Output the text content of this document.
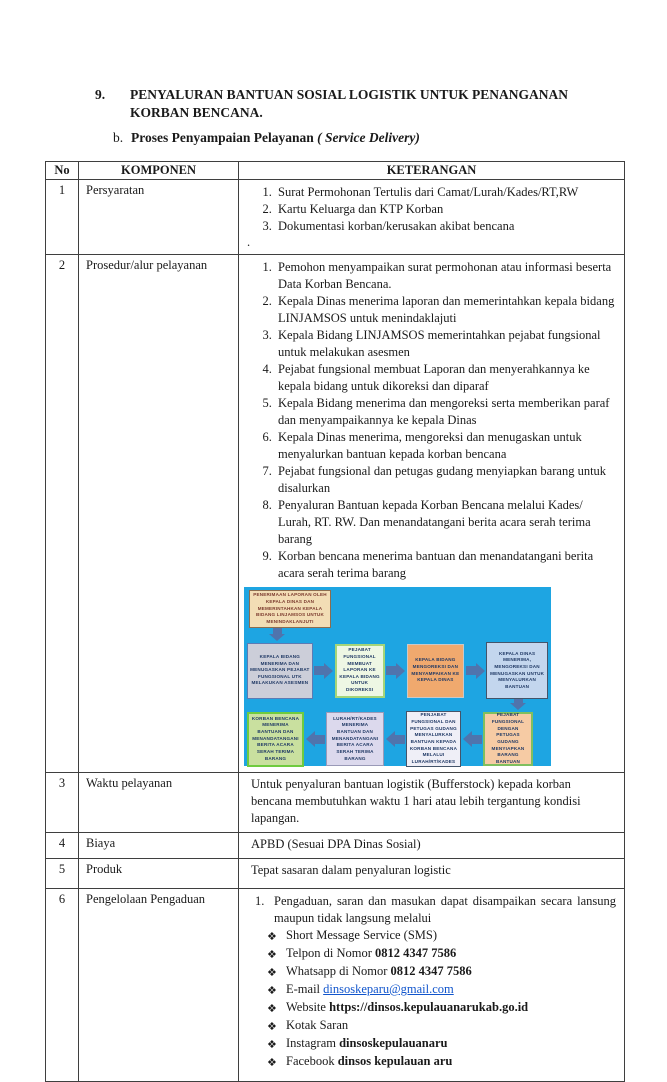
9.	PENYALURAN BANTUAN SOSIAL LOGISTIK UNTUK PENANGANAN
KORBAN BENCANA.
b. Proses Penyampaian Pelayanan ( Service Delivery)
No	KOMPONEN	KETERANGAN
1	Persyaratan	
1.Surat Permohonan Tertulis dari Camat/Lurah/Kades/RT,RW
2. Kartu Keluarga dan KTP Korban
3. Dokumentasi korban/kerusakan akibat bencana
.

2	Prosedur/alur pelayanan	
1.Pemohon menyampaikan surat permohonan atau informasi beserta Data Korban Bencana.
2. Kepala Dinas menerima laporan dan memerintahkan kepala bidang LINJAMSOS untuk menindaklajuti
3. Kepala Bidang LINJAMSOS memerintahkan pejabat fungsional untuk melakukan asesmen
4. Pejabat fungsional membuat Laporan dan menyerahkannya ke kepala bidang untuk dikoreksi dan diparaf
5. Kepala Bidang menerima dan mengoreksi serta memberikan paraf dan menyampaikannya ke kepala Dinas
6. Kepala Dinas menerima, mengoreksi dan menugaskan untuk menyalurkan bantuan kepada korban bencana
7. Pejabat fungsional dan petugas gudang menyiapkan barang untuk disalurkan
8. Penyaluran Bantuan kepada Korban Bencana melalui Kades/ Lurah, RT. RW. Dan menandatangani berita acara serah terima barang
9. Korban bencana menerima bantuan dan menandatangani berita acara serah terima barang
PENERIMAAN LAPORAN OLEH KEPALA DINAS DAN MEMERINTAHKAN KEPALA BIDANG LINJAMSOS UNTUK MENINDAKLANJUTI
KEPALA BIDANG MENERIMA DAN MENUGASKAN PEJABAT FUNGSIONAL UTK MELAKUKAN ASESMEN
PEJABAT FUNGSIONAL MEMBUAT LAPORAN KE KEPALA BIDANG UNTUK DIKOREKSI
KEPALA BIDANG MENGOREKSI DAN MENYAMPAIKAN KE KEPALA DINAS
KEPALA DINAS MENERIMA, MENGOREKSI DAN MENUGASKAN UNTUK MENYALURKAN BANTUAN
KORBAN BENCANA MENERIMA BANTUAN DAN MENANDATANGANI BERITA ACARA SERAH TERIMA BARANG
LURAH/RT/KADES MENERIMA BANTUAN DAN MENANDATANGANI BERITA ACARA SERAH TERIMA BARANG
PENJABAT FUNGSIONAL DAN PETUGAS GUDANG MENYALURKAN BANTUAN KEPADA KORBAN BENCANA MELALUI LURAH/RT/KADES
PEJABAT FUNGSIONAL DENGAN PETUGAS GUDANG MENYIAPKAN BARANG BANTUAN

3	Waktu pelayanan	Untuk penyaluran bantuan logistik (Bufferstock) kepada korban bencana membutuhkan waktu 1 hari atau lebih tergantung kondisi lapangan.

4	Biaya	APBD (Sesuai DPA Dinas Sosial)

5	Produk	Tepat sasaran dalam penyaluran logistic

6	Pengelolaan Pengaduan	1. Pengaduan, saran dan masukan dapat disampaikan secara lansung maupun tidak langsung melalui
❖ Short Message Service (SMS)
❖ Telpon di Nomor 0812 4347 7586
❖ Whatsapp di Nomor 0812 4347 7586
❖ E-mail dinsoskeparu@gmail.com
❖ Website https://dinsos.kepulauanarukab.go.id
❖ Kotak Saran
❖ Instagram dinsoskepulauanaru
❖ Facebook dinsos kepulauan aru
